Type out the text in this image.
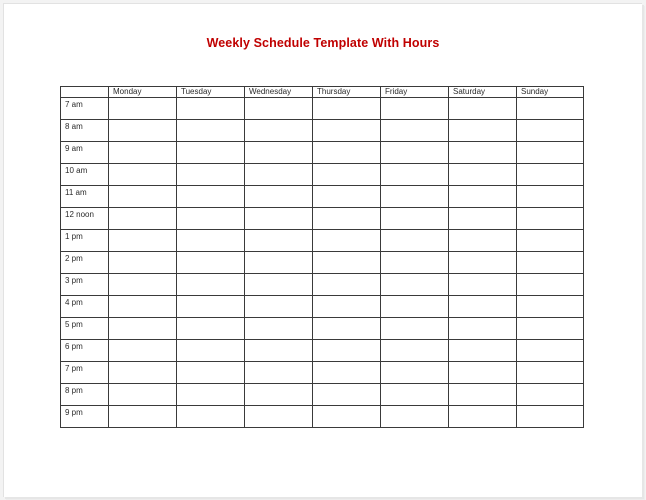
Weekly Schedule Template With Hours
	Monday	Tuesday	Wednesday	Thursday	Friday	Saturday	Sunday
7 am							
8 am							
9 am							
10 am							
11 am							
12 noon							
1 pm							
2 pm							
3 pm							
4 pm							
5 pm							
6 pm							
7 pm							
8 pm							
9 pm							
